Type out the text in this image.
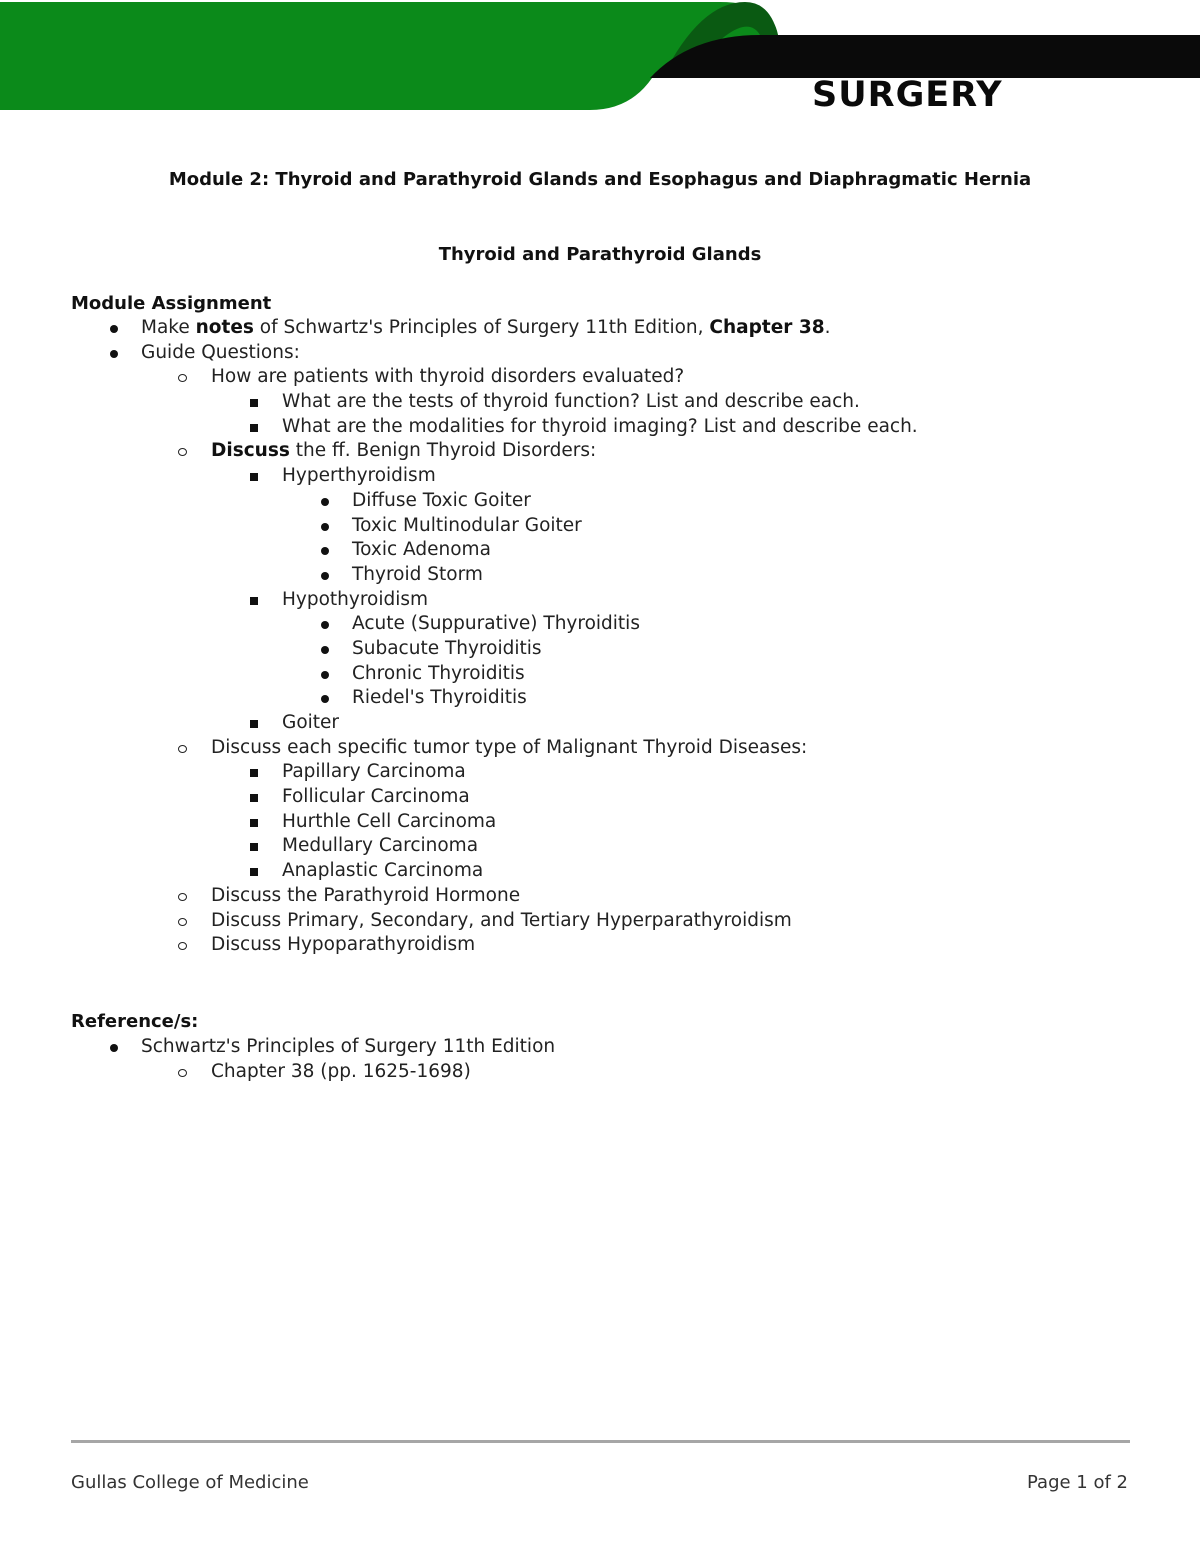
SURGERY
Module 2: Thyroid and Parathyroid Glands and Esophagus and Diaphragmatic Hernia
Thyroid and Parathyroid Glands
Module Assignment
Make notes of Schwartz's Principles of Surgery 11th Edition, Chapter 38.
Guide Questions:
How are patients with thyroid disorders evaluated?
What are the tests of thyroid function? List and describe each.
What are the modalities for thyroid imaging? List and describe each.
Discuss the ff. Benign Thyroid Disorders:
Hyperthyroidism
Diffuse Toxic Goiter
Toxic Multinodular Goiter
Toxic Adenoma
Thyroid Storm
Hypothyroidism
Acute (Suppurative) Thyroiditis
Subacute Thyroiditis
Chronic Thyroiditis
Riedel's Thyroiditis
Goiter
Discuss each specific tumor type of Malignant Thyroid Diseases:
Papillary Carcinoma
Follicular Carcinoma
Hurthle Cell Carcinoma
Medullary Carcinoma
Anaplastic Carcinoma
Discuss the Parathyroid Hormone
Discuss Primary, Secondary, and Tertiary Hyperparathyroidism
Discuss Hypoparathyroidism
Reference/s:
Schwartz's Principles of Surgery 11th Edition
Chapter 38 (pp. 1625-1698)
Gullas College of Medicine	Page 1 of 2
